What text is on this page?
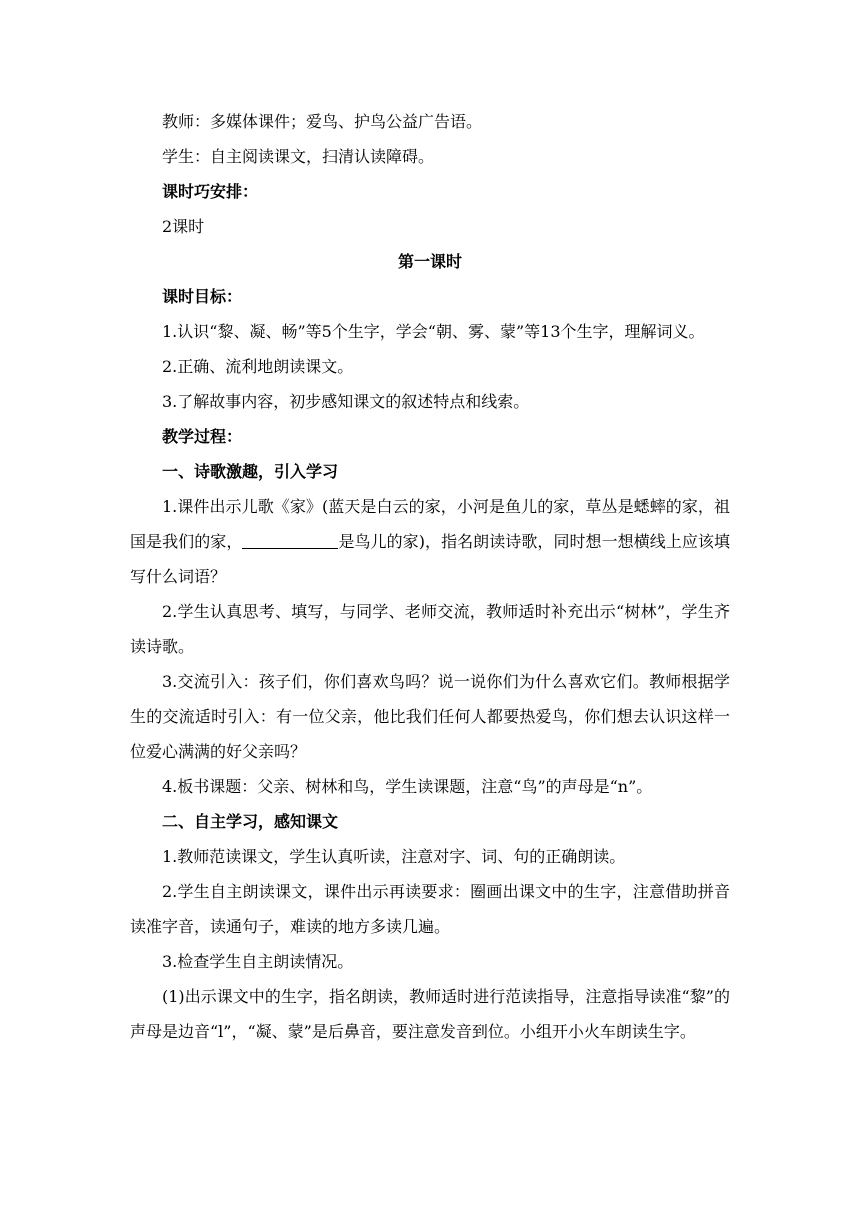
教师：多媒体课件；爱鸟、护鸟公益广告语。

学生：自主阅读课文，扫清认读障碍。

课时巧安排：

2课时

第一课时

课时目标：

1.认识“黎、凝、畅”等5个生字，学会“朝、雾、蒙”等13个生字，理解词义。

2.正确、流利地朗读课文。

3.了解故事内容，初步感知课文的叙述特点和线索。

教学过程：

一、诗歌激趣，引入学习

1.课件出示儿歌《家》(蓝天是白云的家，小河是鱼儿的家，草丛是蟋蟀的家，祖国是我们的家，	是鸟儿的家)，指名朗读诗歌，同时想一想横线上应该填写什么词语？

2.学生认真思考、填写，与同学、老师交流，教师适时补充出示“树林”，学生齐读诗歌。

3.交流引入：孩子们，你们喜欢鸟吗？说一说你们为什么喜欢它们。教师根据学生的交流适时引入：有一位父亲，他比我们任何人都要热爱鸟，你们想去认识这样一位爱心满满的好父亲吗？

4.板书课题：父亲、树林和鸟，学生读课题，注意“鸟”的声母是“n”。

二、自主学习，感知课文

1.教师范读课文，学生认真听读，注意对字、词、句的正确朗读。

2.学生自主朗读课文，课件出示再读要求：圈画出课文中的生字，注意借助拼音读准字音，读通句子，难读的地方多读几遍。

3.检查学生自主朗读情况。

(1)出示课文中的生字，指名朗读，教师适时进行范读指导，注意指导读准“黎”的声母是边音“l”，“凝、蒙”是后鼻音，要注意发音到位。小组开小火车朗读生字。
